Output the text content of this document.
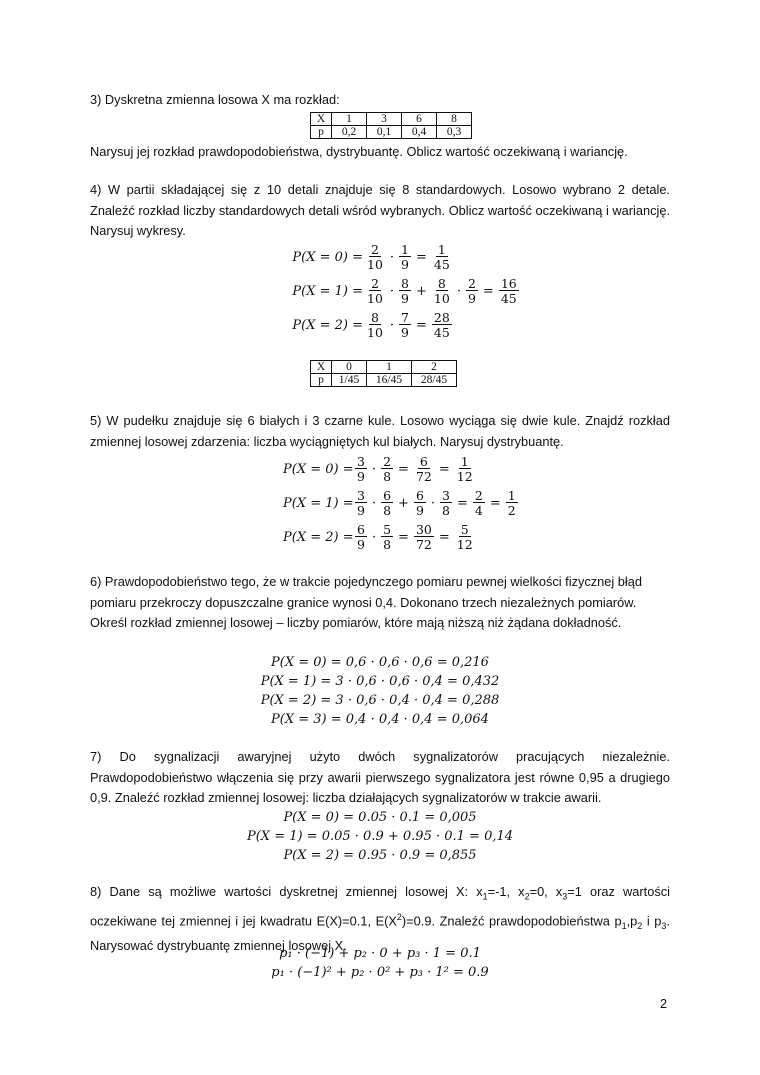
3) Dyskretna zmienna losowa X ma rozkład:

X	1	3	6	8
p	0,2	0,1	0,4	0,3

Narysuj jej rozkład prawdopodobieństwa, dystrybuantę. Oblicz wartość oczekiwaną i wariancję.

4) W partii składającej się z 10 detali znajduje się 8 standardowych. Losowo wybrano 2 detale. Znaleźć rozkład liczby standardowych detali wśród wybranych. Oblicz wartość oczekiwaną i wariancję. Narysuj wykresy.

$P(X = 0) = \frac{2}{10} \cdot \frac{1}{9} = \frac{1}{45}$
$P(X = 1) = \frac{2}{10} \cdot \frac{8}{9} + \frac{8}{10} \cdot \frac{2}{9} = \frac{16}{45}$
$P(X = 2) = \frac{8}{10} \cdot \frac{7}{9} = \frac{28}{45}$
X	0	1	2
p	1/45	16/45	28/45

5) W pudełku znajduje się 6 białych i 3 czarne kule. Losowo wyciąga się dwie kule. Znajdź rozkład zmiennej losowej zdarzenia: liczba wyciągniętych kul białych. Narysuj dystrybuantę.

$P(X = 0) = \frac{3}{9} \cdot \frac{2}{8} = \frac{6}{72} = \frac{1}{12}$
$P(X = 1) = \frac{3}{9} \cdot \frac{6}{8} + \frac{6}{9} \cdot \frac{3}{8} = \frac{2}{4} = \frac{1}{2}$
$P(X = 2) = \frac{6}{9} \cdot \frac{5}{8} = \frac{30}{72} = \frac{5}{12}$

6) Prawdopodobieństwo tego, że w trakcie pojedynczego pomiaru pewnej wielkości fizycznej błąd pomiaru przekroczy dopuszczalne granice wynosi 0,4. Dokonano trzech niezależnych pomiarów. Określ rozkład zmiennej losowej – liczby pomiarów, które mają niższą niż żądana dokładność.

P(X = 0) = 0,6 · 0,6 · 0,6 = 0,216
P(X = 1) = 3 · 0,6 · 0,6 · 0,4 = 0,432
P(X = 2) = 3 · 0,6 · 0,4 · 0,4 = 0,288
P(X = 3) = 0,4 · 0,4 · 0,4 = 0,064

7) Do sygnalizacji awaryjnej użyto dwóch sygnalizatorów pracujących niezależnie. Prawdopodobieństwo włączenia się przy awarii pierwszego sygnalizatora jest równe 0,95 a drugiego 0,9. Znaleźć rozkład zmiennej losowej: liczba działających sygnalizatorów w trakcie awarii.

P(X = 0) = 0.05 · 0.1 = 0,005
P(X = 1) = 0.05 · 0.9 + 0.95 · 0.1 = 0,14
P(X = 2) = 0.95 · 0.9 = 0,855

8) Dane są możliwe wartości dyskretnej zmiennej losowej X: $x_1=-1$, $x_2=0$, $x_3=1$ oraz wartości oczekiwane tej zmiennej i jej kwadratu E(X)=0.1, $E(X^2)=0.9$. Znaleźć prawdopodobieństwa $p_1,p_2$ i $p_3$. Narysować dystrybuantę zmiennej losowej X.

p₁ · (−1) + p₂ · 0 + p₃ · 1 = 0.1
p₁ · (−1)² + p₂ · 0² + p₃ · 1² = 0.9
2
